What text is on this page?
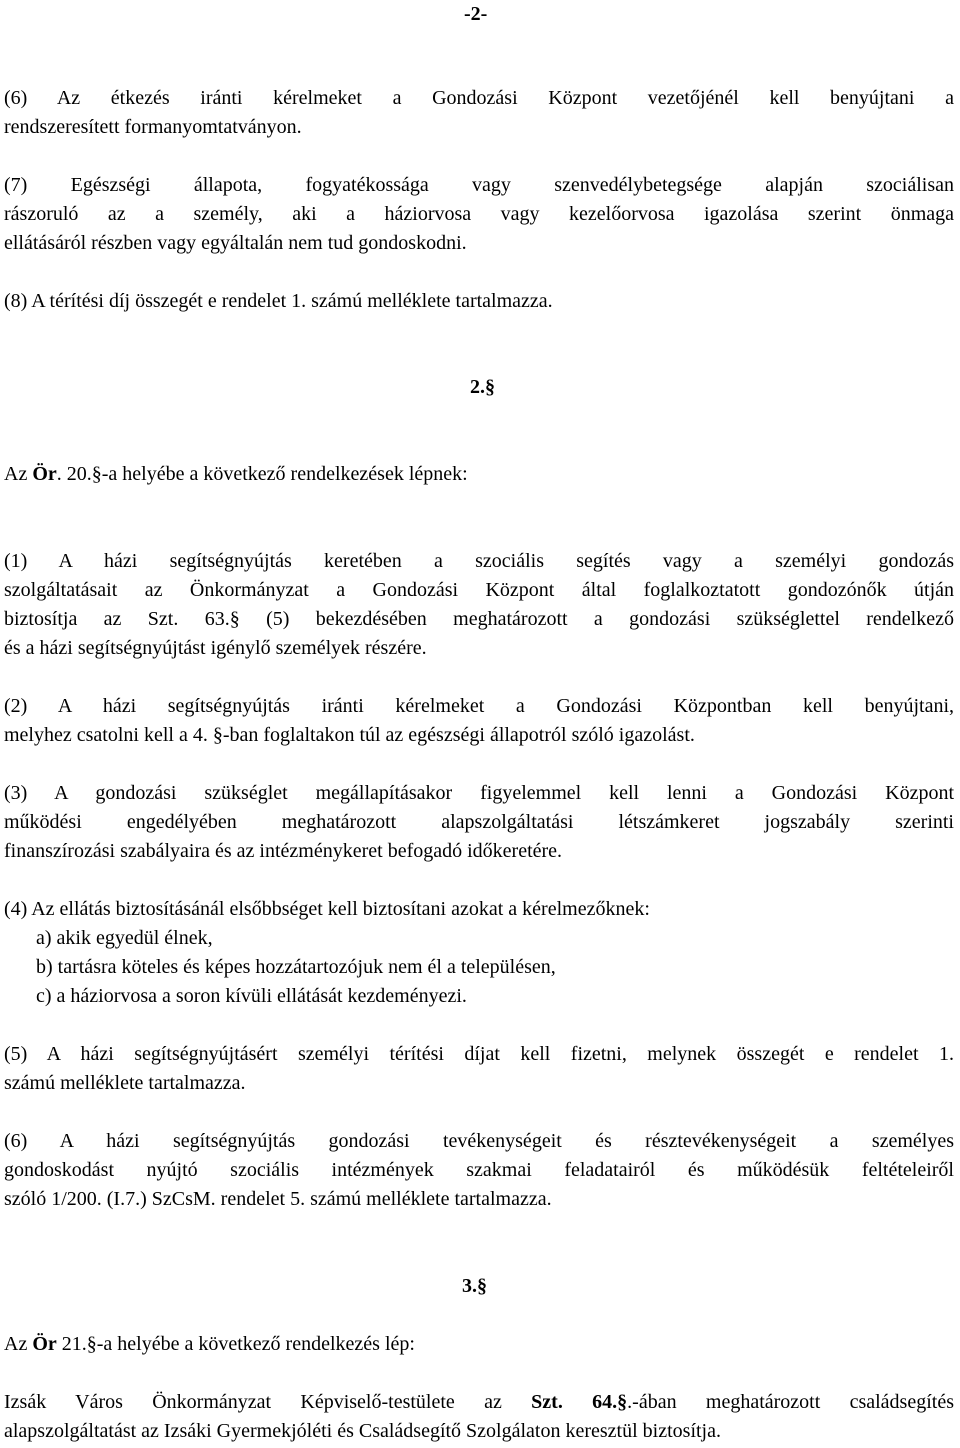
-2-
(6) Az étkezés iránti kérelmeket a Gondozási Központ vezetőjénél kell benyújtani a
rendszeresített formanyomtatványon.
(7) Egészségi állapota, fogyatékossága vagy szenvedélybetegsége alapján szociálisan
rászoruló az a személy, aki a háziorvosa vagy kezelőorvosa igazolása szerint önmaga
ellátásáról részben vagy egyáltalán nem tud gondoskodni.
(8) A térítési díj összegét e rendelet 1. számú melléklete tartalmazza.
2.§
Az Ör. 20.§-a helyébe a következő rendelkezések lépnek:
(1) A házi segítségnyújtás keretében a szociális segítés vagy a személyi gondozás
szolgáltatásait az Önkormányzat a Gondozási Központ által foglalkoztatott gondozónők útján
biztosítja az Szt. 63.§ (5) bekezdésében meghatározott a gondozási szükséglettel rendelkező
és a házi segítségnyújtást igénylő személyek részére.
(2) A házi segítségnyújtás iránti kérelmeket a Gondozási Központban kell benyújtani,
melyhez csatolni kell a 4. §-ban foglaltakon túl az egészségi állapotról szóló igazolást.
(3) A gondozási szükséglet megállapításakor figyelemmel kell lenni a Gondozási Központ
működési engedélyében meghatározott alapszolgáltatási létszámkeret jogszabály szerinti
finanszírozási szabályaira és az intézménykeret befogadó időkeretére.
(4) Az ellátás biztosításánál elsőbbséget kell biztosítani azokat a kérelmezőknek:
a) akik egyedül élnek,
b) tartásra köteles és képes hozzátartozójuk nem él a településen,
c) a háziorvosa a soron kívüli ellátását kezdeményezi.
(5) A házi segítségnyújtásért személyi térítési díjat kell fizetni, melynek összegét e rendelet 1.
számú melléklete tartalmazza.
(6) A házi segítségnyújtás gondozási tevékenységeit és résztevékenységeit a személyes
gondoskodást nyújtó szociális intézmények szakmai feladatairól és működésük feltételeiről
szóló 1/200. (I.7.) SzCsM. rendelet 5. számú melléklete tartalmazza.
3.§
Az Ör 21.§-a helyébe a következő rendelkezés lép:
Izsák Város Önkormányzat Képviselő-testülete az Szt. 64.§.-ában meghatározott családsegítés
alapszolgáltatást az Izsáki Gyermekjóléti és Családsegítő Szolgálaton keresztül biztosítja.
